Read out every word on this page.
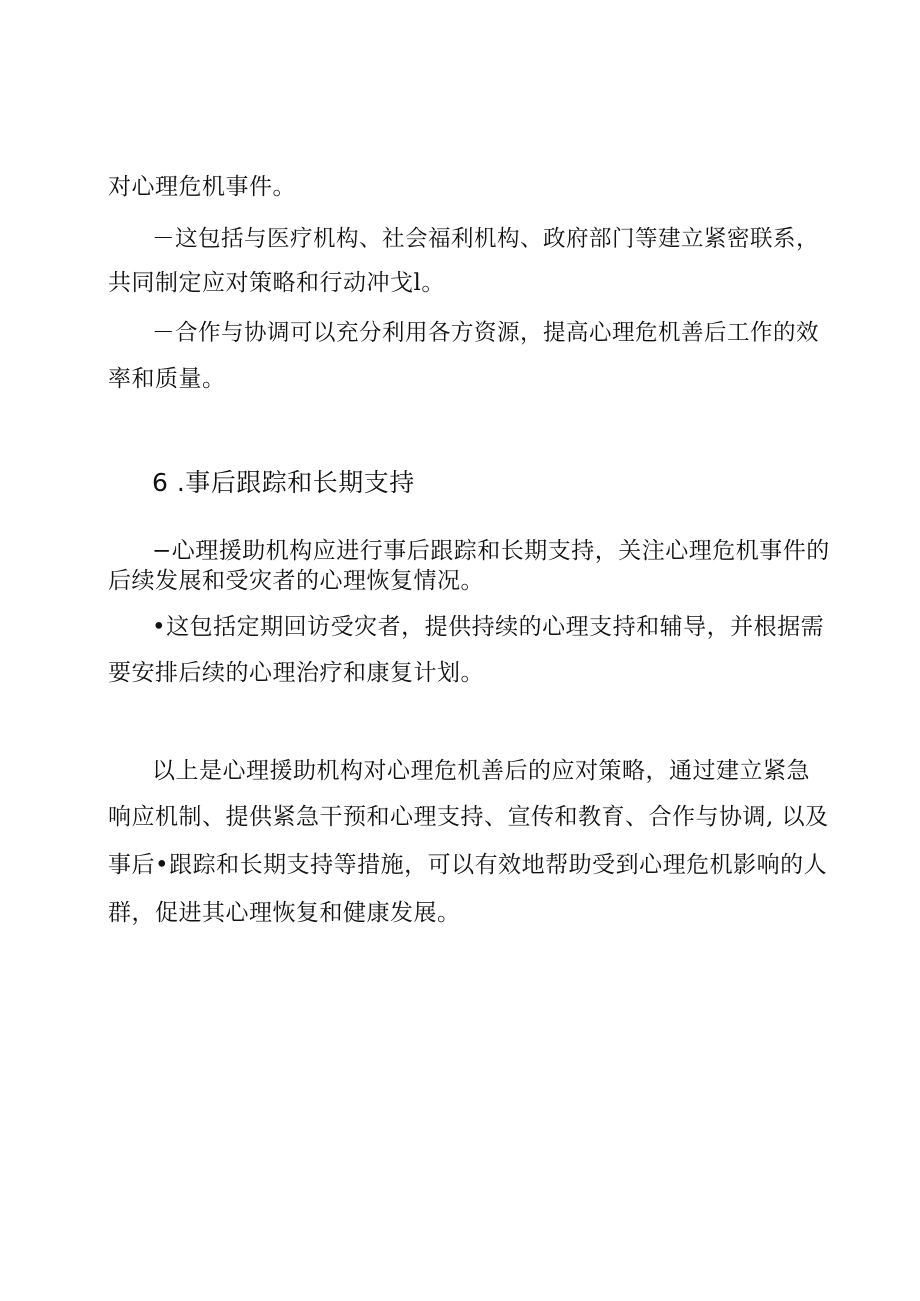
对心理危机事件。
－这包括与医疗机构、社会福利机构、政府部门等建立紧密联系，
共同制定应对策略和行动冲戈l。
－合作与协调可以充分利用各方资源，提高心理危机善后工作的效
率和质量。
6 .事后跟踪和长期支持
−心理援助机构应进行事后跟踪和长期支持，关注心理危机事件的
后续发展和受灾者的心理恢复情况。
•这包括定期回访受灾者，提供持续的心理支持和辅导，并根据需
要安排后续的心理治疗和康复计划。
以上是心理援助机构对心理危机善后的应对策略，通过建立紧急
响应机制、提供紧急干预和心理支持、宣传和教育、合作与协调, 以及
事后•跟踪和长期支持等措施，可以有效地帮助受到心理危机影响的人
群，促进其心理恢复和健康发展。
